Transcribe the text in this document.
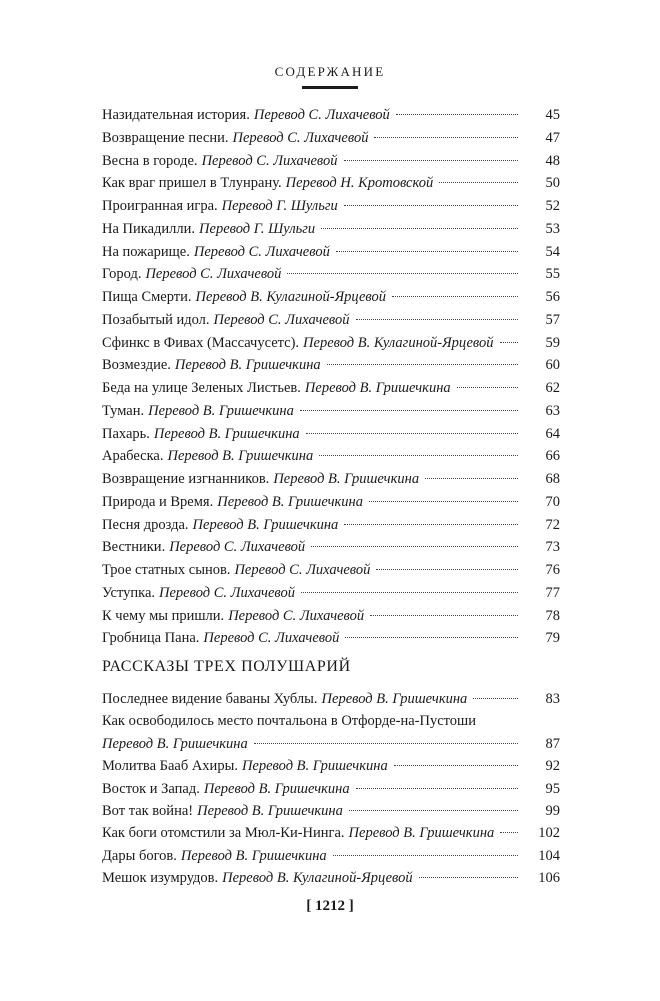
СОДЕРЖАНИЕ
Назидательная история. Перевод С. Лихачевой	45
Возвращение песни. Перевод С. Лихачевой	47
Весна в городе. Перевод С. Лихачевой	48
Как враг пришел в Тлунрану. Перевод Н. Кротовской	50
Проигранная игра. Перевод Г. Шульги	52
На Пикадилли. Перевод Г. Шульги	53
На пожарище. Перевод С. Лихачевой	54
Город. Перевод С. Лихачевой	55
Пища Смерти. Перевод В. Кулагиной-Ярцевой	56
Позабытый идол. Перевод С. Лихачевой	57
Сфинкс в Фивах (Массачусетс). Перевод В. Кулагиной-Ярцевой	59
Возмездие. Перевод В. Гришечкина	60
Беда на улице Зеленых Листьев. Перевод В. Гришечкина	62
Туман. Перевод В. Гришечкина	63
Пахарь. Перевод В. Гришечкина	64
Арабеска. Перевод В. Гришечкина	66
Возвращение изгнанников. Перевод В. Гришечкина	68
Природа и Время. Перевод В. Гришечкина	70
Песня дрозда. Перевод В. Гришечкина	72
Вестники. Перевод С. Лихачевой	73
Трое статных сынов. Перевод С. Лихачевой	76
Уступка. Перевод С. Лихачевой	77
К чему мы пришли. Перевод С. Лихачевой	78
Гробница Пана. Перевод С. Лихачевой	79
РАССКАЗЫ ТРЕХ ПОЛУШАРИЙ
Последнее видение баваны Хублы. Перевод В. Гришечкина	83
Как освободилось место почтальона в Отфорде-на-Пустоши
Перевод В. Гришечкина	87
Молитва Бааб Ахиры. Перевод В. Гришечкина	92
Восток и Запад. Перевод В. Гришечкина	95
Вот так война! Перевод В. Гришечкина	99
Как боги отомстили за Мюл-Ки-Нинга. Перевод В. Гришечкина	102
Дары богов. Перевод В. Гришечкина	104
Мешок изумрудов. Перевод В. Кулагиной-Ярцевой	106
[ 1212 ]
